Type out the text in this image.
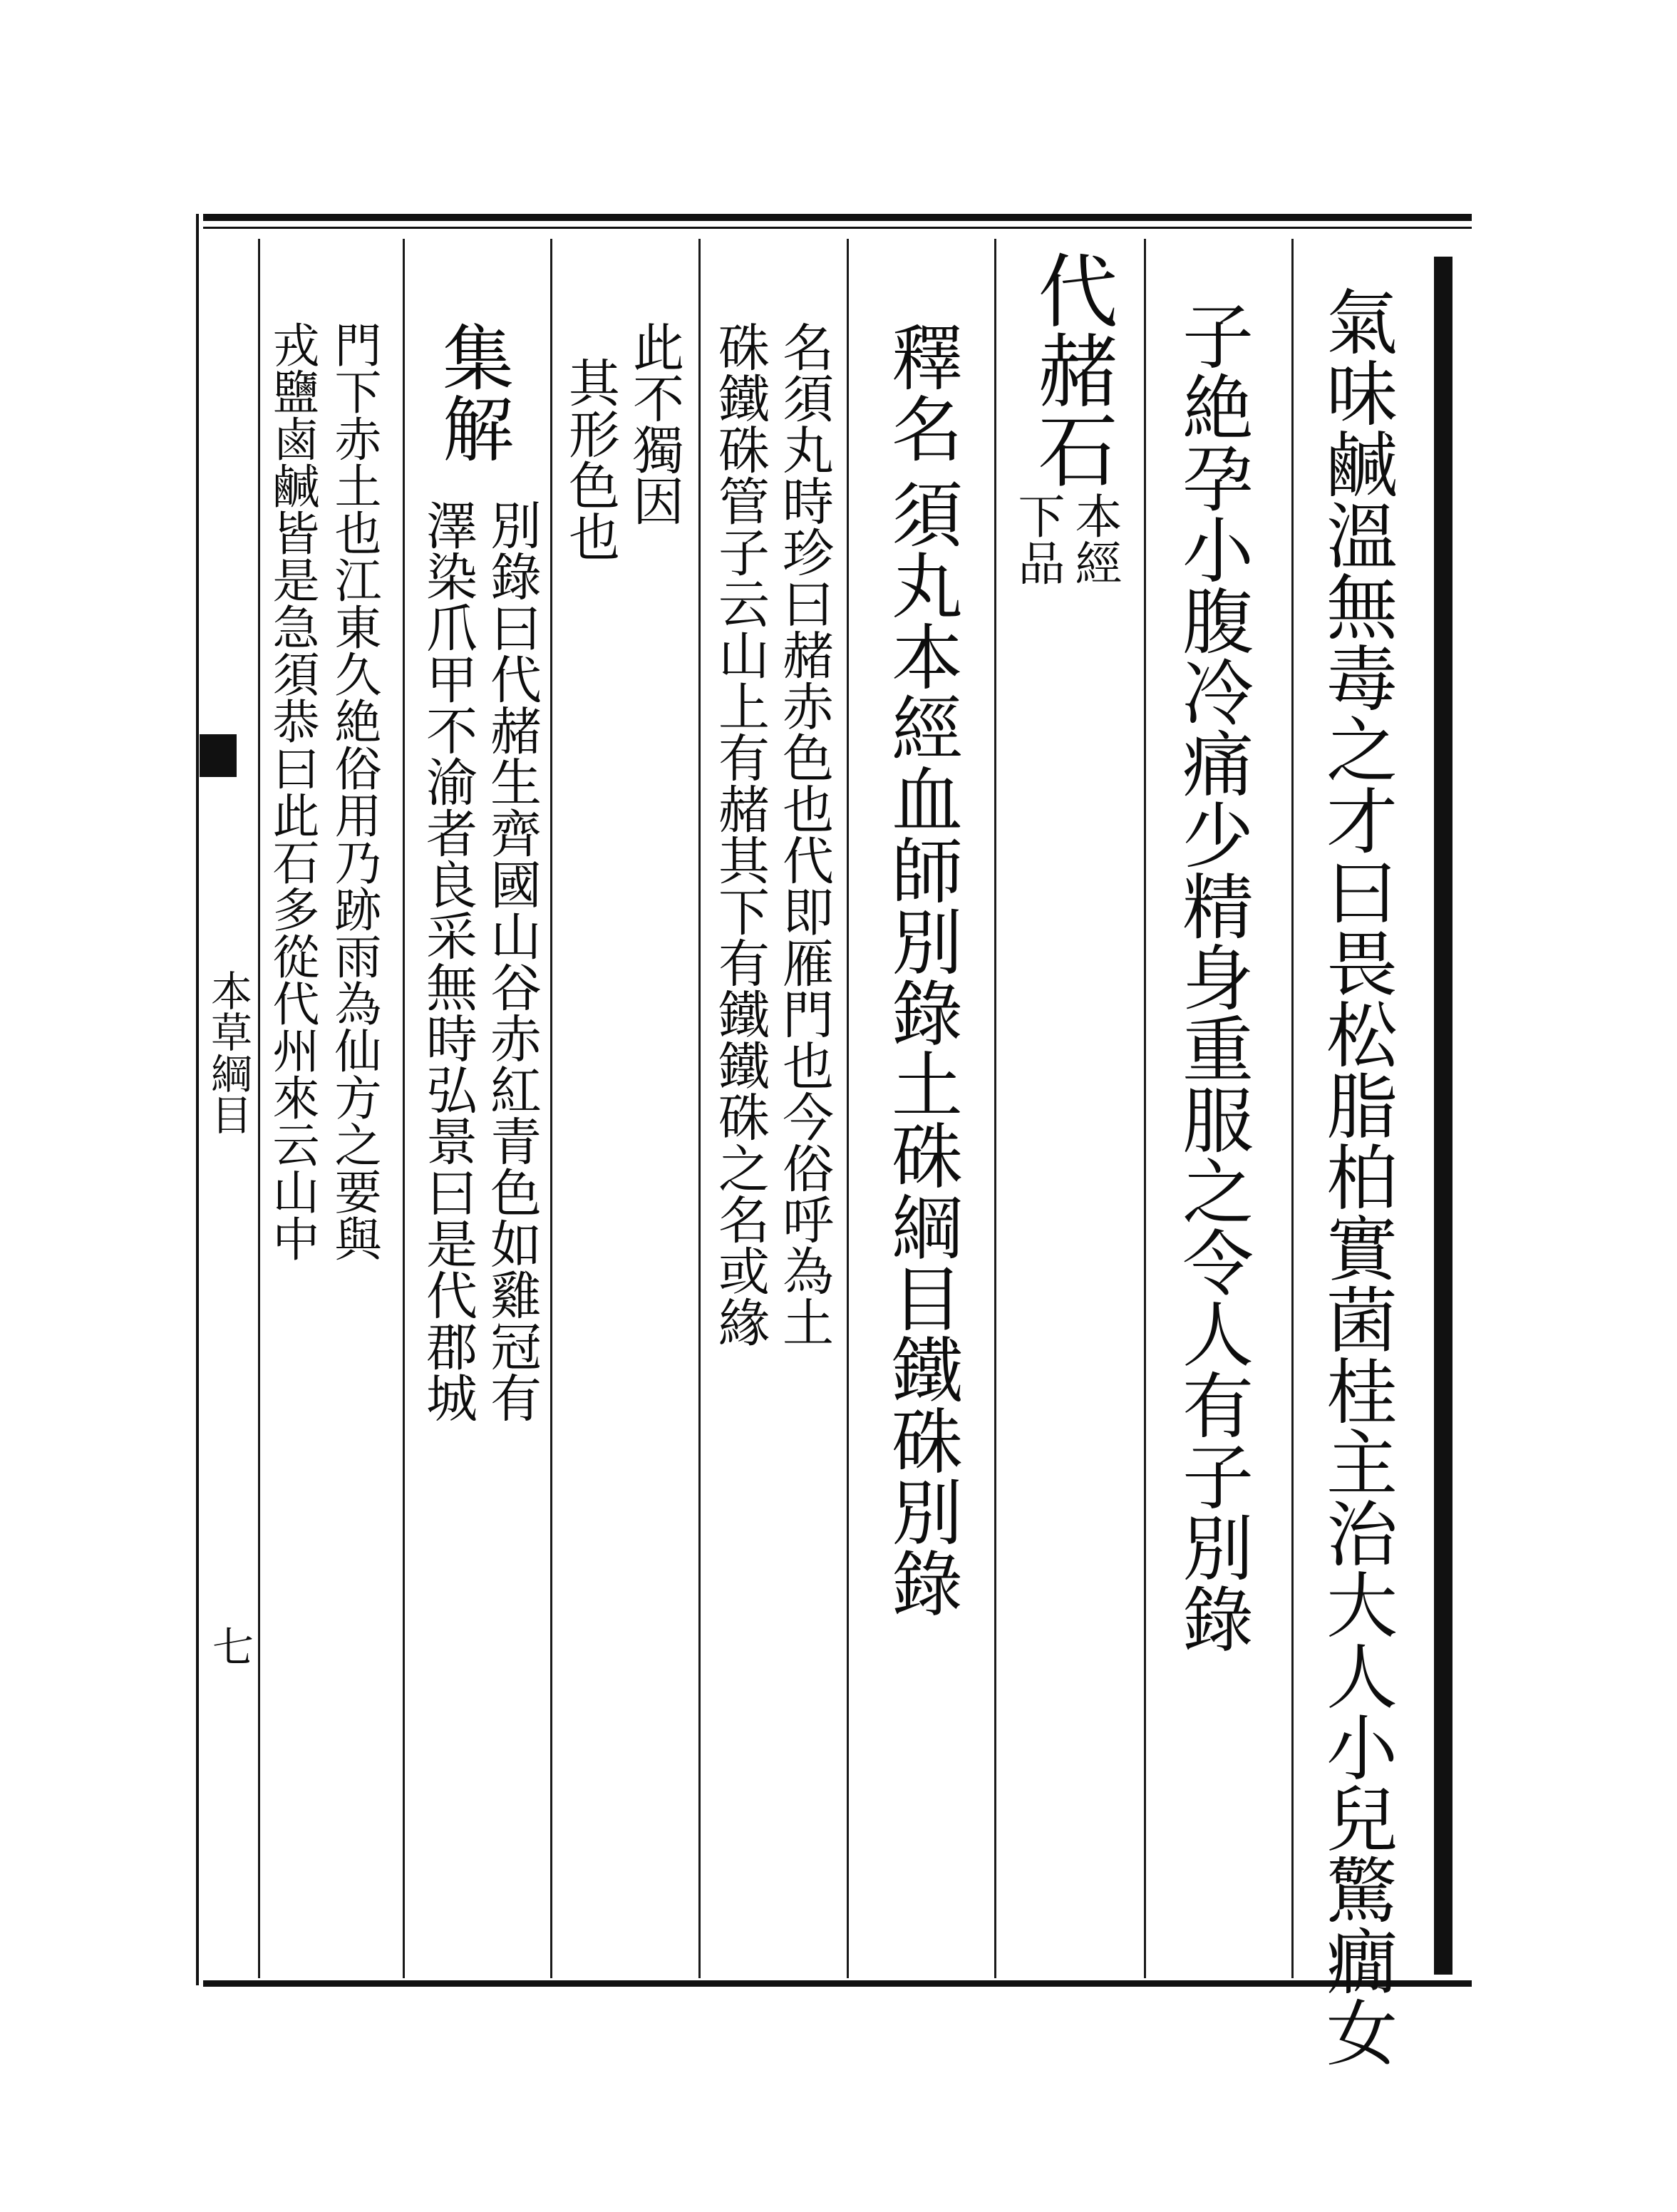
氣味鹹溫無毒之才曰畏松脂柏實菌桂主治大人小兒驚癇女
子絶孕小腹冷痛少精身重服之令人有子別錄
代赭石
本經
下品
釋名
須丸本經血師別錄土硃綱目鐵硃別錄
名須丸時珍曰赭赤色也代即雁門也今俗呼為土
硃鐵硃管子云山上有赭其下有鐵鐵硃之名或緣
此不獨因
其形色也
集解
別錄曰代赭生齊國山谷赤紅青色如雞冠有
澤染爪甲不渝者良采無時弘景曰是代郡城
門下赤土也江東久絶俗用乃跡雨為仙方之要與
戎鹽鹵鹹皆是急須恭曰此石多從代州來云山中
本草綱目
七
